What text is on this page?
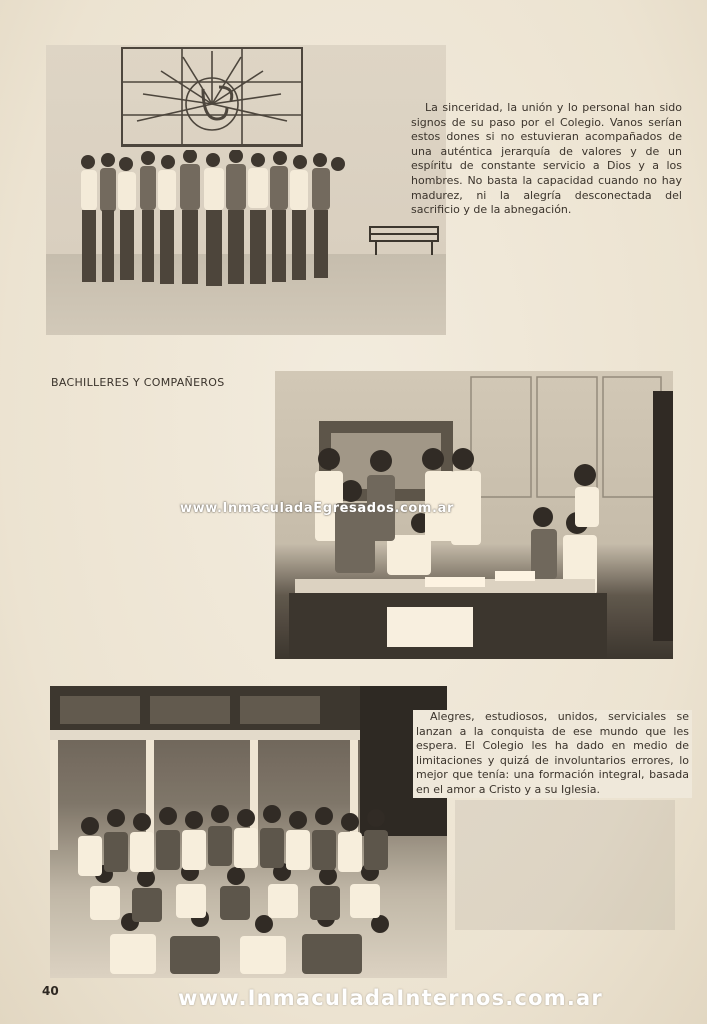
La sinceridad, la unión y lo personal han sido signos de su paso por el Colegio. Vanos serían estos dones si no estuvieran acompañados de una auténtica jerarquía de valores y de un espíritu de constante servicio a Dios y a los hombres. No basta la capacidad cuando no hay madurez, ni la alegría desconectada del sacrificio y de la abnegación.

BACHILLERES Y COMPAÑEROS

Alegres, estudiosos, unidos, serviciales se lanzan a la conquista de ese mundo que les espera. El Colegio les ha dado en medio de limitaciones y quizá de involuntarios errores, lo mejor que tenía: una formación integral, basada en el amor a Cristo y a su Iglesia.

www.InmaculadaEgresados.com.ar
www.InmaculadaInternos.com.ar
40
